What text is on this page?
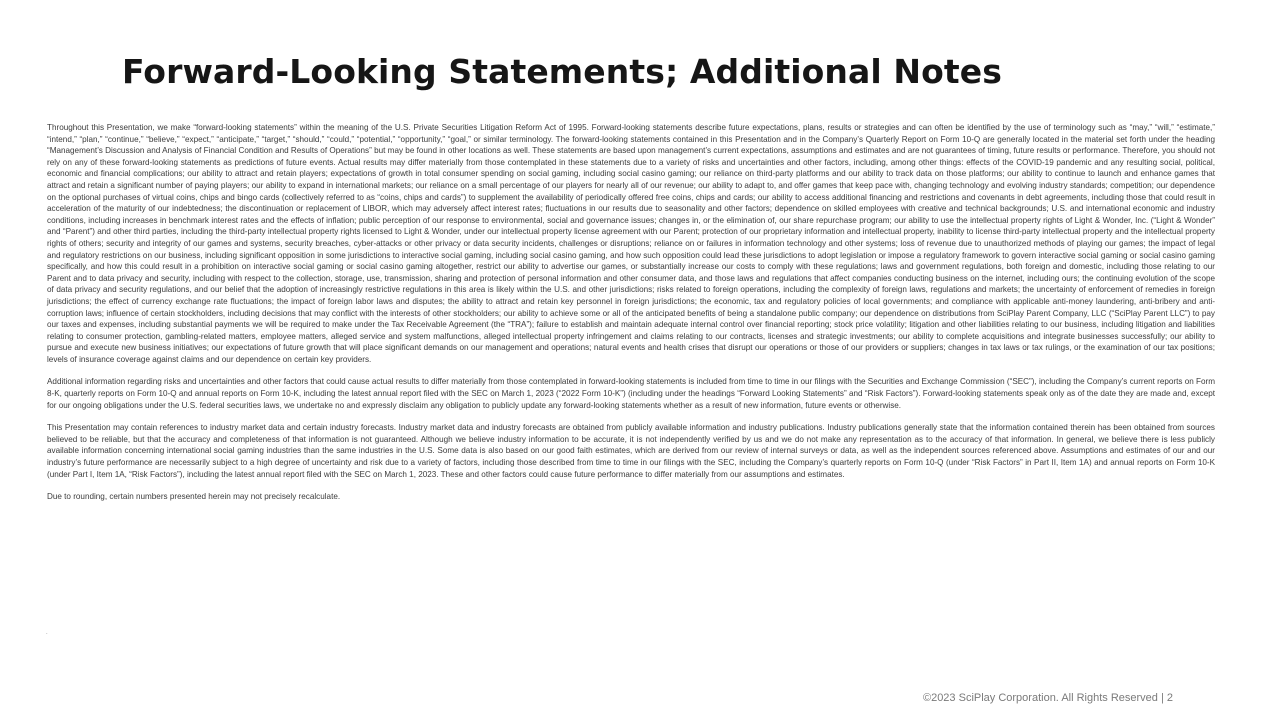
Forward-Looking Statements; Additional Notes

Throughout this Presentation, we make “forward-looking statements” within the meaning of the U.S. Private Securities Litigation Reform Act of 1995. Forward-looking statements describe future expectations, plans, results or strategies and can often be identified by the use of terminology such as “may,” “will,” “estimate,” “intend,” “plan,” “continue,” “believe,” “expect,” “anticipate,” “target,” “should,” “could,” “potential,” “opportunity,” “goal,” or similar terminology. The forward-looking statements contained in this Presentation and in the Company’s Quarterly Report on Form 10-Q are generally located in the material set forth under the heading “Management’s Discussion and Analysis of Financial Condition and Results of Operations” but may be found in other locations as well. These statements are based upon management’s current expectations, assumptions and estimates and are not guarantees of timing, future results or performance. Therefore, you should not rely on any of these forward-looking statements as predictions of future events. Actual results may differ materially from those contemplated in these statements due to a variety of risks and uncertainties and other factors, including, among other things: effects of the COVID-19 pandemic and any resulting social, political, economic and financial complications; our ability to attract and retain players; expectations of growth in total consumer spending on social gaming, including social casino gaming; our reliance on third-party platforms and our ability to track data on those platforms; our ability to continue to launch and enhance games that attract and retain a significant number of paying players; our ability to expand in international markets; our reliance on a small percentage of our players for nearly all of our revenue; our ability to adapt to, and offer games that keep pace with, changing technology and evolving industry standards; competition; our dependence on the optional purchases of virtual coins, chips and bingo cards (collectively referred to as “coins, chips and cards”) to supplement the availability of periodically offered free coins, chips and cards; our ability to access additional financing and restrictions and covenants in debt agreements, including those that could result in acceleration of the maturity of our indebtedness; the discontinuation or replacement of LIBOR, which may adversely affect interest rates; fluctuations in our results due to seasonality and other factors; dependence on skilled employees with creative and technical backgrounds; U.S. and international economic and industry conditions, including increases in benchmark interest rates and the effects of inflation; public perception of our response to environmental, social and governance issues; changes in, or the elimination of, our share repurchase program; our ability to use the intellectual property rights of Light & Wonder, Inc. (“Light & Wonder” and “Parent”) and other third parties, including the third-party intellectual property rights licensed to Light & Wonder, under our intellectual property license agreement with our Parent; protection of our proprietary information and intellectual property, inability to license third-party intellectual property and the intellectual property rights of others; security and integrity of our games and systems, security breaches, cyber-attacks or other privacy or data security incidents, challenges or disruptions; reliance on or failures in information technology and other systems; loss of revenue due to unauthorized methods of playing our games; the impact of legal and regulatory restrictions on our business, including significant opposition in some jurisdictions to interactive social gaming, including social casino gaming, and how such opposition could lead these jurisdictions to adopt legislation or impose a regulatory framework to govern interactive social gaming or social casino gaming specifically, and how this could result in a prohibition on interactive social gaming or social casino gaming altogether, restrict our ability to advertise our games, or substantially increase our costs to comply with these regulations; laws and government regulations, both foreign and domestic, including those relating to our Parent and to data privacy and security, including with respect to the collection, storage, use, transmission, sharing and protection of personal information and other consumer data, and those laws and regulations that affect companies conducting business on the internet, including ours; the continuing evolution of the scope of data privacy and security regulations, and our belief that the adoption of increasingly restrictive regulations in this area is likely within the U.S. and other jurisdictions; risks related to foreign operations, including the complexity of foreign laws, regulations and markets; the uncertainty of enforcement of remedies in foreign jurisdictions; the effect of currency exchange rate fluctuations; the impact of foreign labor laws and disputes; the ability to attract and retain key personnel in foreign jurisdictions; the economic, tax and regulatory policies of local governments; and compliance with applicable anti-money laundering, anti-bribery and anti-corruption laws; influence of certain stockholders, including decisions that may conflict with the interests of other stockholders; our ability to achieve some or all of the anticipated benefits of being a standalone public company; our dependence on distributions from SciPlay Parent Company, LLC (“SciPlay Parent LLC”) to pay our taxes and expenses, including substantial payments we will be required to make under the Tax Receivable Agreement (the “TRA”); failure to establish and maintain adequate internal control over financial reporting; stock price volatility; litigation and other liabilities relating to our business, including litigation and liabilities relating to consumer protection, gambling-related matters, employee matters, alleged service and system malfunctions, alleged intellectual property infringement and claims relating to our contracts, licenses and strategic investments; our ability to complete acquisitions and integrate businesses successfully; our ability to pursue and execute new business initiatives; our expectations of future growth that will place significant demands on our management and operations; natural events and health crises that disrupt our operations or those of our providers or suppliers; changes in tax laws or tax rulings, or the examination of our tax positions; levels of insurance coverage against claims and our dependence on certain key providers.

Additional information regarding risks and uncertainties and other factors that could cause actual results to differ materially from those contemplated in forward-looking statements is included from time to time in our filings with the Securities and Exchange Commission (“SEC”), including the Company’s current reports on Form 8-K, quarterly reports on Form 10-Q and annual reports on Form 10-K, including the latest annual report filed with the SEC on March 1, 2023 (“2022 Form 10-K”) (including under the headings “Forward Looking Statements” and “Risk Factors”). Forward-looking statements speak only as of the date they are made and, except for our ongoing obligations under the U.S. federal securities laws, we undertake no and expressly disclaim any obligation to publicly update any forward-looking statements whether as a result of new information, future events or otherwise.

This Presentation may contain references to industry market data and certain industry forecasts. Industry market data and industry forecasts are obtained from publicly available information and industry publications. Industry publications generally state that the information contained therein has been obtained from sources believed to be reliable, but that the accuracy and completeness of that information is not guaranteed. Although we believe industry information to be accurate, it is not independently verified by us and we do not make any representation as to the accuracy of that information. In general, we believe there is less publicly available information concerning international social gaming industries than the same industries in the U.S. Some data is also based on our good faith estimates, which are derived from our review of internal surveys or data, as well as the independent sources referenced above. Assumptions and estimates of our and our industry’s future performance are necessarily subject to a high degree of uncertainty and risk due to a variety of factors, including those described from time to time in our filings with the SEC, including the Company’s quarterly reports on Form 10-Q (under “Risk Factors” in Part II, Item 1A) and annual reports on Form 10-K (under Part I, Item 1A, “Risk Factors”), including the latest annual report filed with the SEC on March 1, 2023. These and other factors could cause future performance to differ materially from our assumptions and estimates.

Due to rounding, certain numbers presented herein may not precisely recalculate.

.
©2023 SciPlay Corporation. All Rights Reserved | 2
